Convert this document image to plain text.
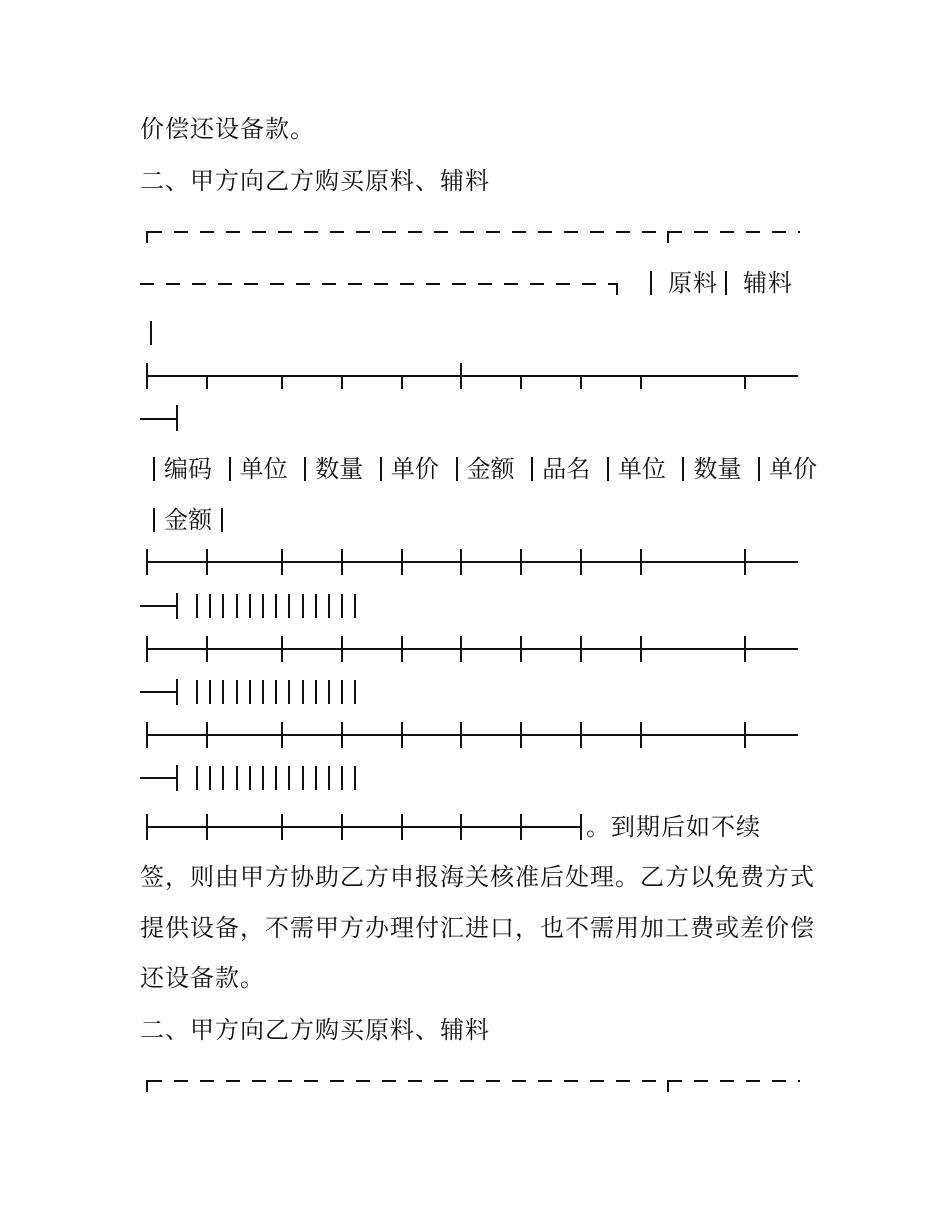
价偿还设备款。
二、甲方向乙方购买原料、辅料
原料 辅料
编码 单位 数量 单价 金额 品名 单位 数量 单价
金额
。到期后如不续
签，则由甲方协助乙方申报海关核准后处理。乙方以免费方式
提供设备，不需甲方办理付汇进口，也不需用加工费或差价偿
还设备款。
二、甲方向乙方购买原料、辅料
